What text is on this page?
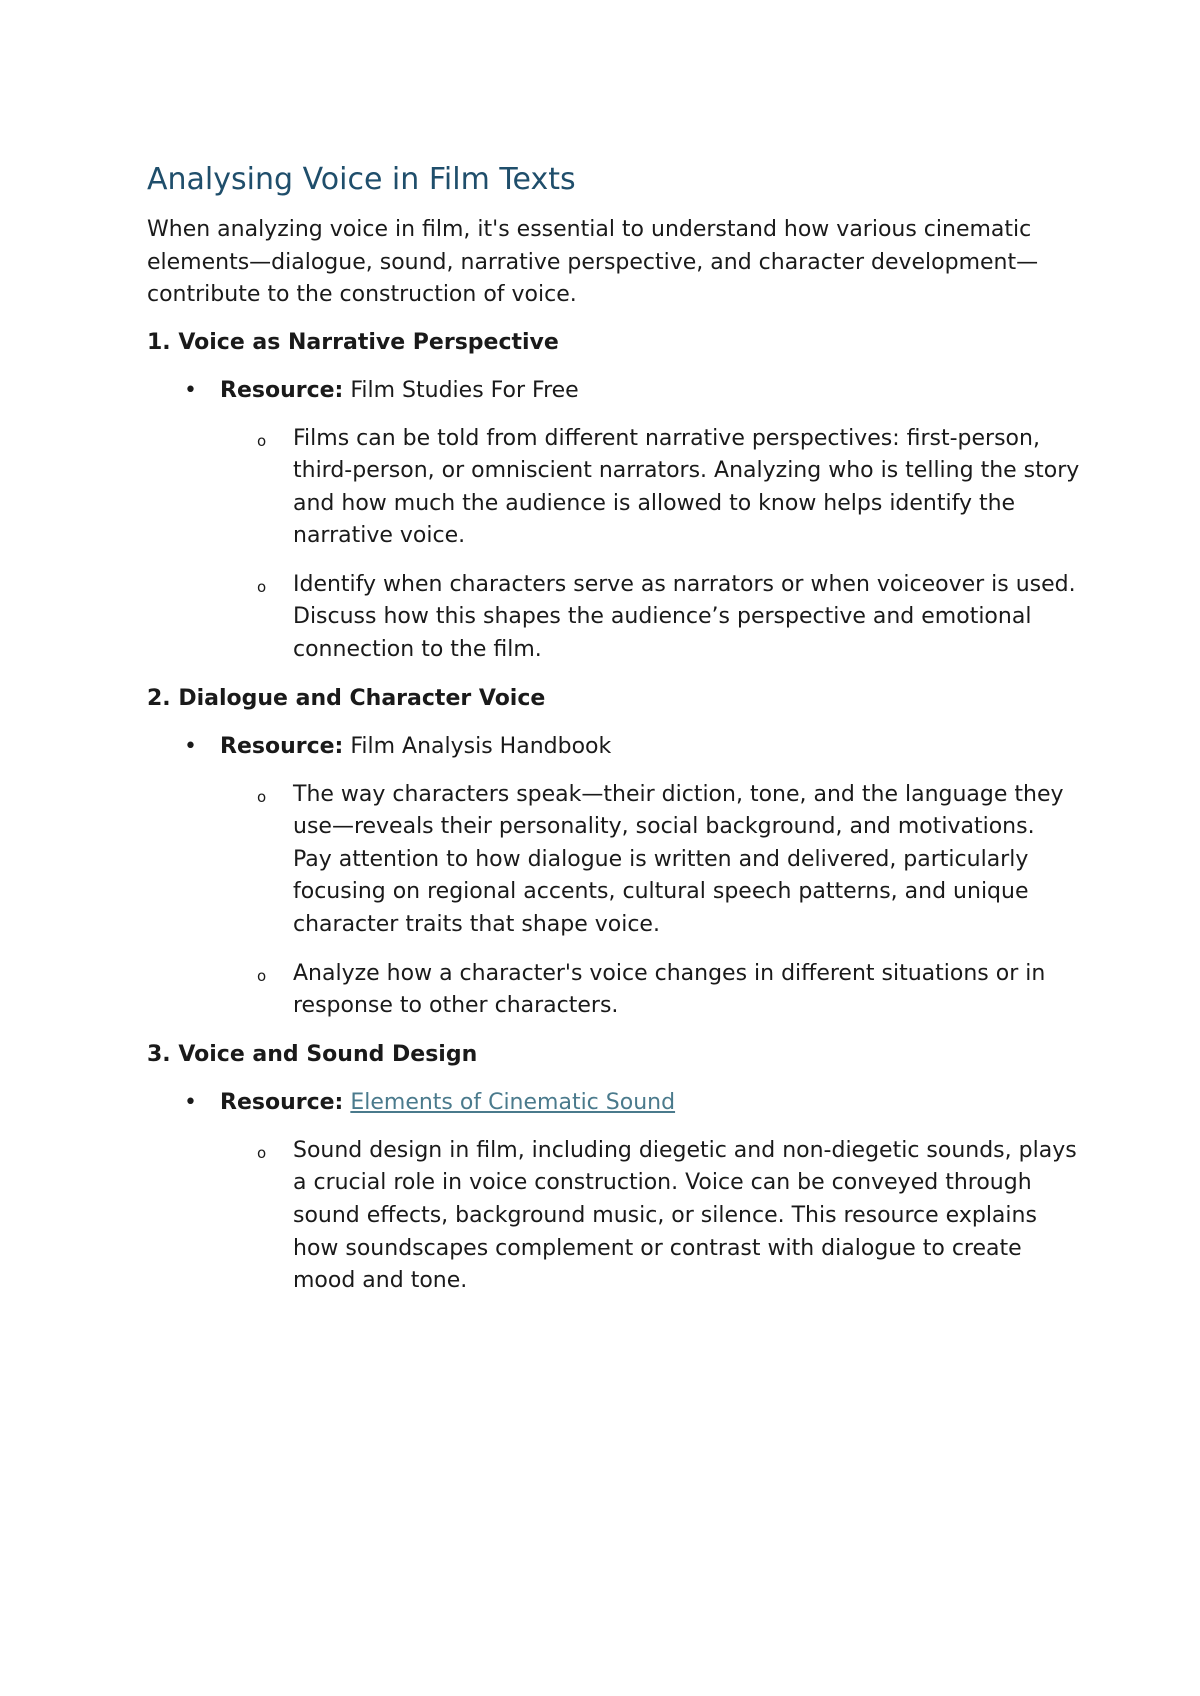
Analysing Voice in Film Texts

When analyzing voice in film, it's essential to understand how various cinematic elements—dialogue, sound, narrative perspective, and character development—contribute to the construction of voice.

1. Voice as Narrative Perspective
• Resource: Film Studies For Free
o Films can be told from different narrative perspectives: first-person, third-person, or omniscient narrators. Analyzing who is telling the story and how much the audience is allowed to know helps identify the narrative voice.
o Identify when characters serve as narrators or when voiceover is used. Discuss how this shapes the audience’s perspective and emotional connection to the film.
2. Dialogue and Character Voice
• Resource: Film Analysis Handbook
o The way characters speak—their diction, tone, and the language they use—reveals their personality, social background, and motivations. Pay attention to how dialogue is written and delivered, particularly focusing on regional accents, cultural speech patterns, and unique character traits that shape voice.
o Analyze how a character's voice changes in different situations or in response to other characters.
3. Voice and Sound Design
• Resource: Elements of Cinematic Sound
o Sound design in film, including diegetic and non-diegetic sounds, plays a crucial role in voice construction. Voice can be conveyed through sound effects, background music, or silence. This resource explains how soundscapes complement or contrast with dialogue to create mood and tone.
